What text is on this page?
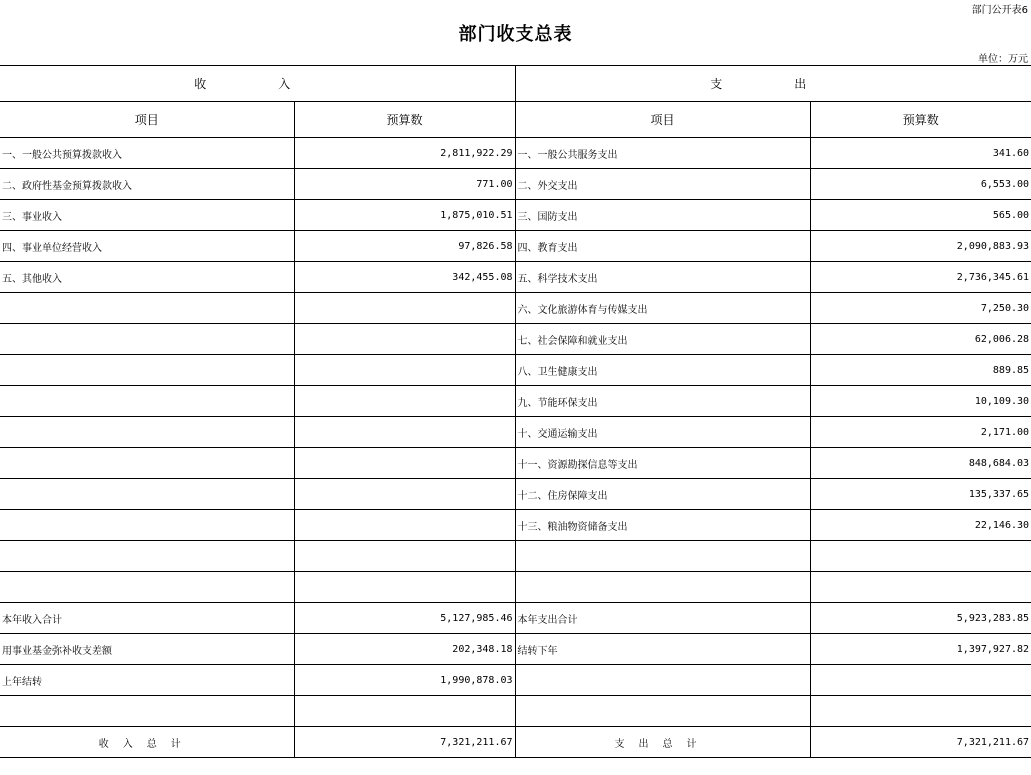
部门公开表6
部门收支总表
单位：万元
收　入		支　出	
项目	预算数	项目	预算数
一、一般公共预算拨款收入	2,811,922.29	一、一般公共服务支出	341.60
二、政府性基金预算拨款收入	771.00	二、外交支出	6,553.00
三、事业收入	1,875,010.51	三、国防支出	565.00
四、事业单位经营收入	97,826.58	四、教育支出	2,090,883.93
五、其他收入	342,455.08	五、科学技术支出	2,736,345.61
		六、文化旅游体育与传媒支出	7,250.30
		七、社会保障和就业支出	62,006.28
		八、卫生健康支出	889.85
		九、节能环保支出	10,109.30
		十、交通运输支出	2,171.00
		十一、资源勘探信息等支出	848,684.03
		十二、住房保障支出	135,337.65
		十三、粮油物资储备支出	22,146.30

本年收入合计	5,127,985.46	本年支出合计	5,923,283.85
用事业基金弥补收支差额	202,348.18	结转下年	1,397,927.82
上年结转	1,990,878.03		

收入总计	7,321,211.67	支出总计	7,321,211.67
